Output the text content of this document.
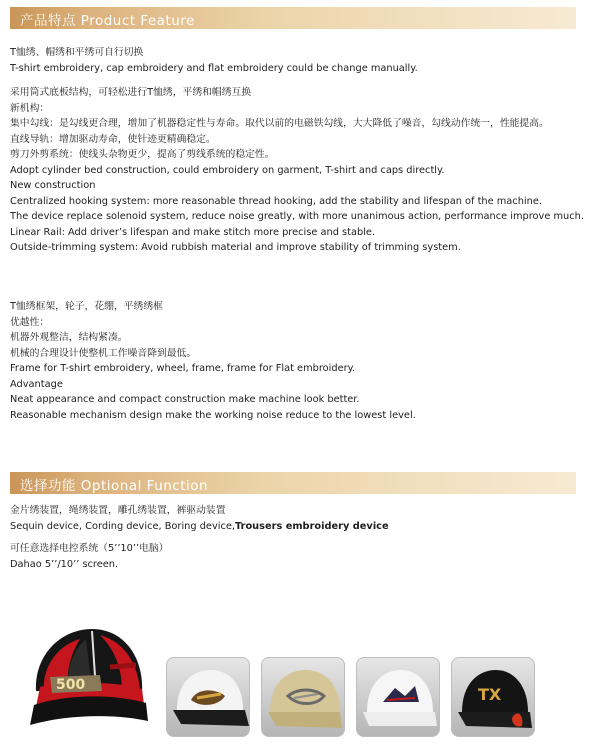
产品特点 Product Feature
T恤绣、帽绣和平绣可自行切换
T-shirt embroidery, cap embroidery and flat embroidery could be change manually.
采用筒式底板结构，可轻松进行T恤绣，平绣和帽绣互换
新机构：
集中勾线：是勾线更合理，增加了机器稳定性与寿命。取代以前的电磁铁勾线，大大降低了噪音，勾线动作统一，性能提高。
直线导轨：增加驱动寿命，使针迹更精确稳定。
剪刀外剪系统：使线头杂物更少，提高了剪线系统的稳定性。
Adopt cylinder bed construction, could embroidery on garment, T-shirt and caps directly.
New construction
Centralized hooking system: more reasonable thread hooking, add the stability and lifespan of the machine.
The device replace solenoid system, reduce noise greatly, with more unanimous action, performance improve much.
Linear Rail: Add driver’s lifespan and make stitch more precise and stable.
Outside-trimming system: Avoid rubbish material and improve stability of trimming system.
T恤绣框架，轮子，花绷，平绣绣框
优越性：
机器外观整洁，结构紧凑。
机械的合理设计使整机工作噪音降到最低。
Frame for T-shirt embroidery, wheel, frame, frame for Flat embroidery.
Advantage
Neat appearance and compact construction make machine look better.
Reasonable mechanism design make the working noise reduce to the lowest level.
选择功能 Optional Function
金片绣装置，绳绣装置，雕孔绣装置，裤驱动装置
Sequin device, Cording device, Boring device,Trousers embroidery device
可任意选择电控系统（5’’10’’电脑）
Dahao 5’’/10’’ screen.
500	TX
